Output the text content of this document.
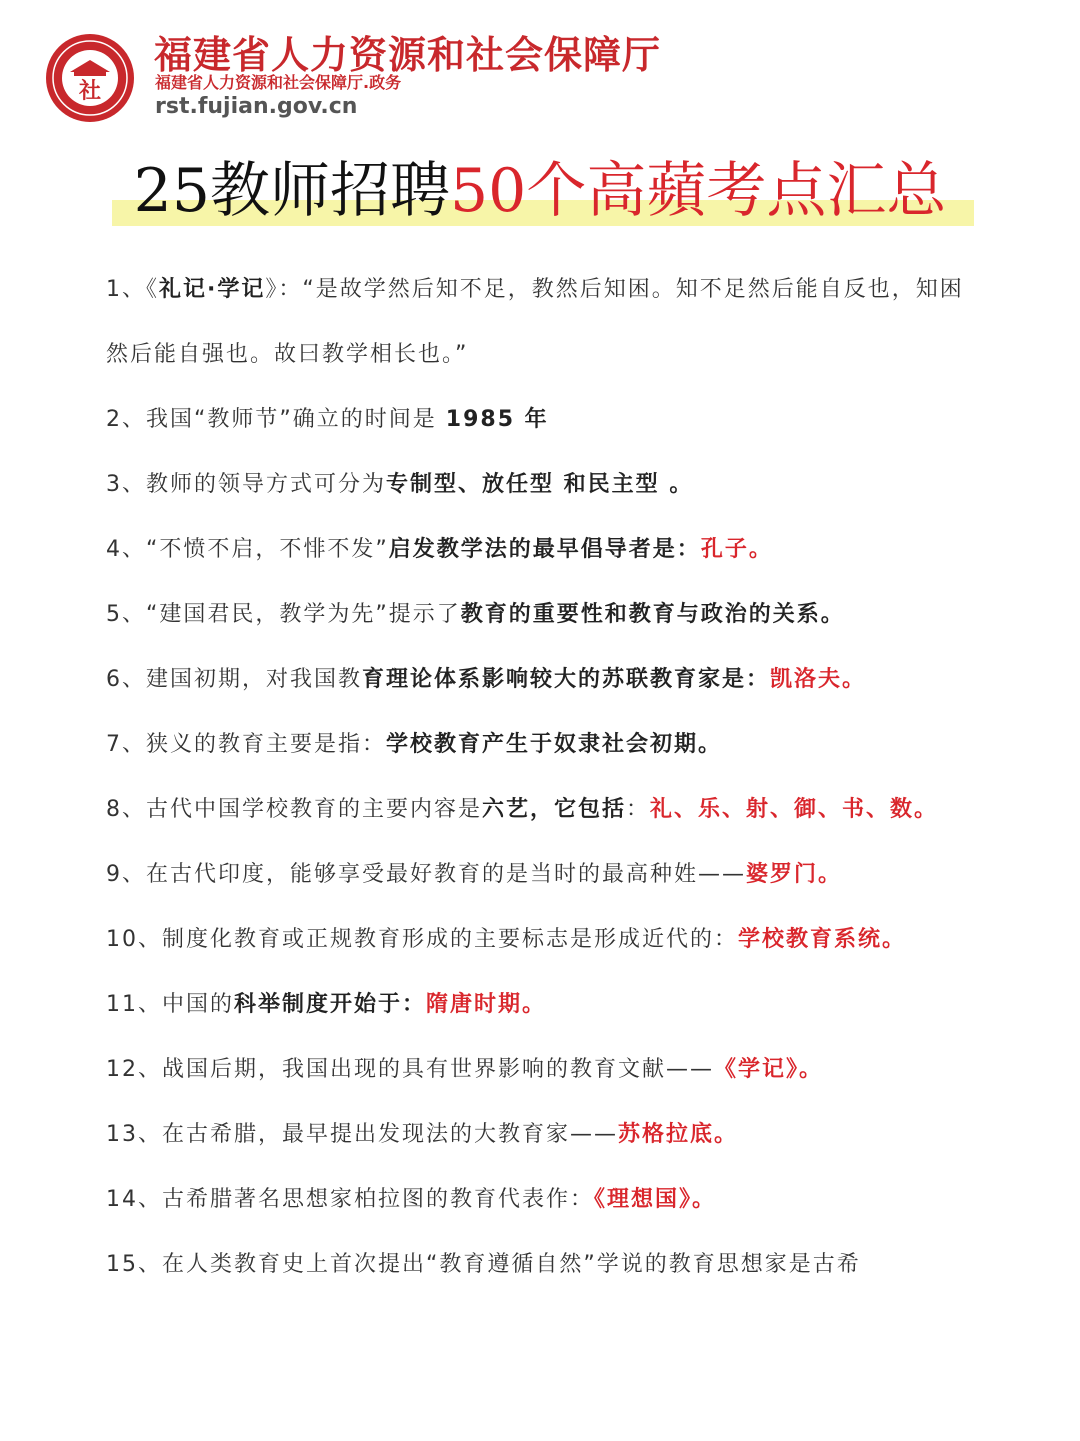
社
福建省人力资源和社会保障厅
福建省人力资源和社会保障厅.政务
rst.fujian.gov.cn
25教师招聘50个高蘋考点汇总

1、《礼记·学记》：“是故学然后知不足，教然后知困。知不足然后能自反也，知困然后能自强也。故曰教学相长也。”

2、我国“教师节”确立的时间是 1985 年

3、教师的领导方式可分为专制型、放任型 和民主型 。

4、“不愤不启，不悱不发”启发教学法的最早倡导者是：孔子。

5、“建国君民，教学为先”提示了教育的重要性和教育与政治的关系。

6、建国初期，对我国教育理论体系影响较大的苏联教育家是：凯洛夫。

7、狭义的教育主要是指：学校教育产生于奴隶社会初期。

8、古代中国学校教育的主要内容是六艺，它包括：礼、乐、射、御、书、数。

9、在古代印度，能够享受最好教育的是当时的最高种姓——婆罗门。

10、制度化教育或正规教育形成的主要标志是形成近代的：学校教育系统。

11、中国的科举制度开始于：隋唐时期。

12、战国后期，我国出现的具有世界影响的教育文献——《学记》。

13、在古希腊，最早提出发现法的大教育家——苏格拉底。

14、古希腊著名思想家柏拉图的教育代表作：《理想国》。

15、在人类教育史上首次提出“教育遵循自然”学说的教育思想家是古希
